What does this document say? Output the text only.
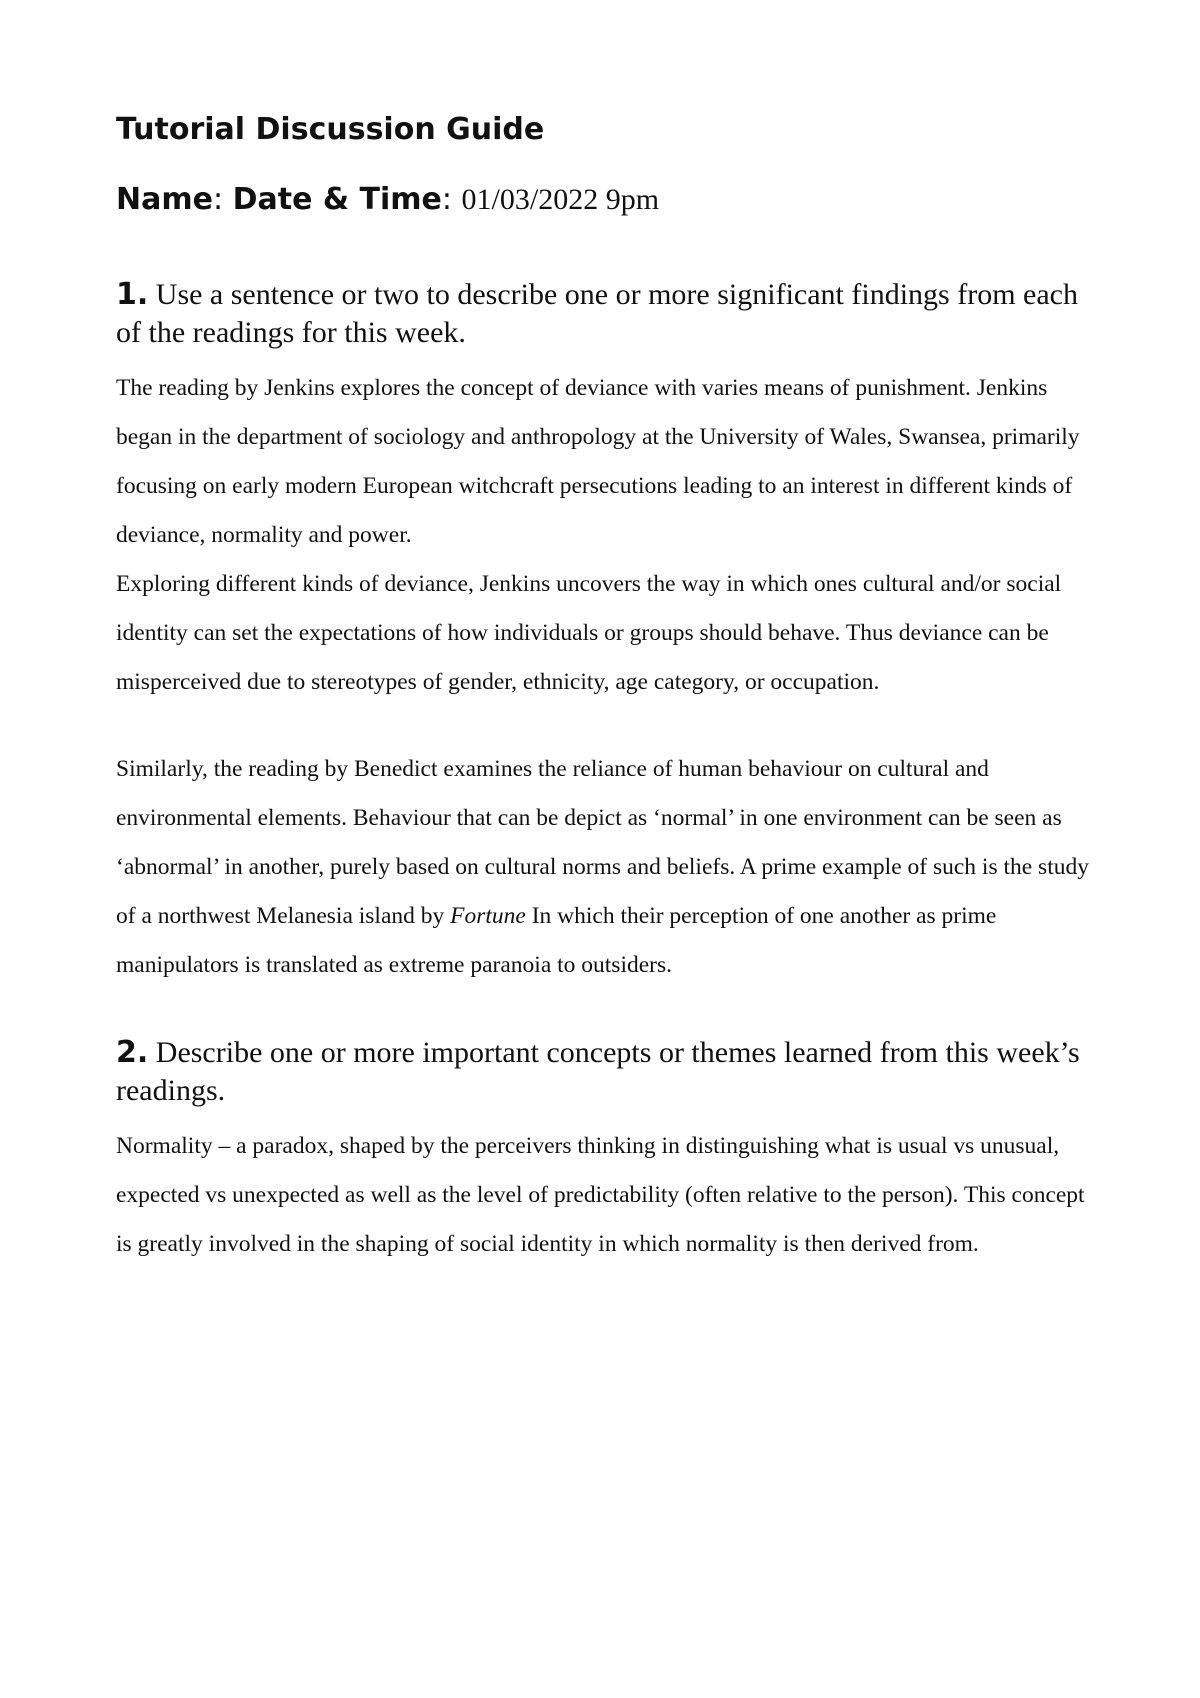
Tutorial Discussion Guide
Name: Date & Time: 01/03/2022 9pm

1. Use a sentence or two to describe one or more significant findings from each of the readings for this week.

The reading by Jenkins explores the concept of deviance with varies means of punishment. Jenkins began in the department of sociology and anthropology at the University of Wales, Swansea, primarily focusing on early modern European witchcraft persecutions leading to an interest in different kinds of deviance, normality and power.

Exploring different kinds of deviance, Jenkins uncovers the way in which ones cultural and/or social identity can set the expectations of how individuals or groups should behave. Thus deviance can be misperceived due to stereotypes of gender, ethnicity, age category, or occupation.

Similarly, the reading by Benedict examines the reliance of human behaviour on cultural and environmental elements. Behaviour that can be depict as ‘normal’ in one environment can be seen as ‘abnormal’ in another, purely based on cultural norms and beliefs. A prime example of such is the study of a northwest Melanesia island by Fortune In which their perception of one another as prime manipulators is translated as extreme paranoia to outsiders.

2. Describe one or more important concepts or themes learned from this week’s readings.

Normality – a paradox, shaped by the perceivers thinking in distinguishing what is usual vs unusual, expected vs unexpected as well as the level of predictability (often relative to the person). This concept is greatly involved in the shaping of social identity in which normality is then derived from.
